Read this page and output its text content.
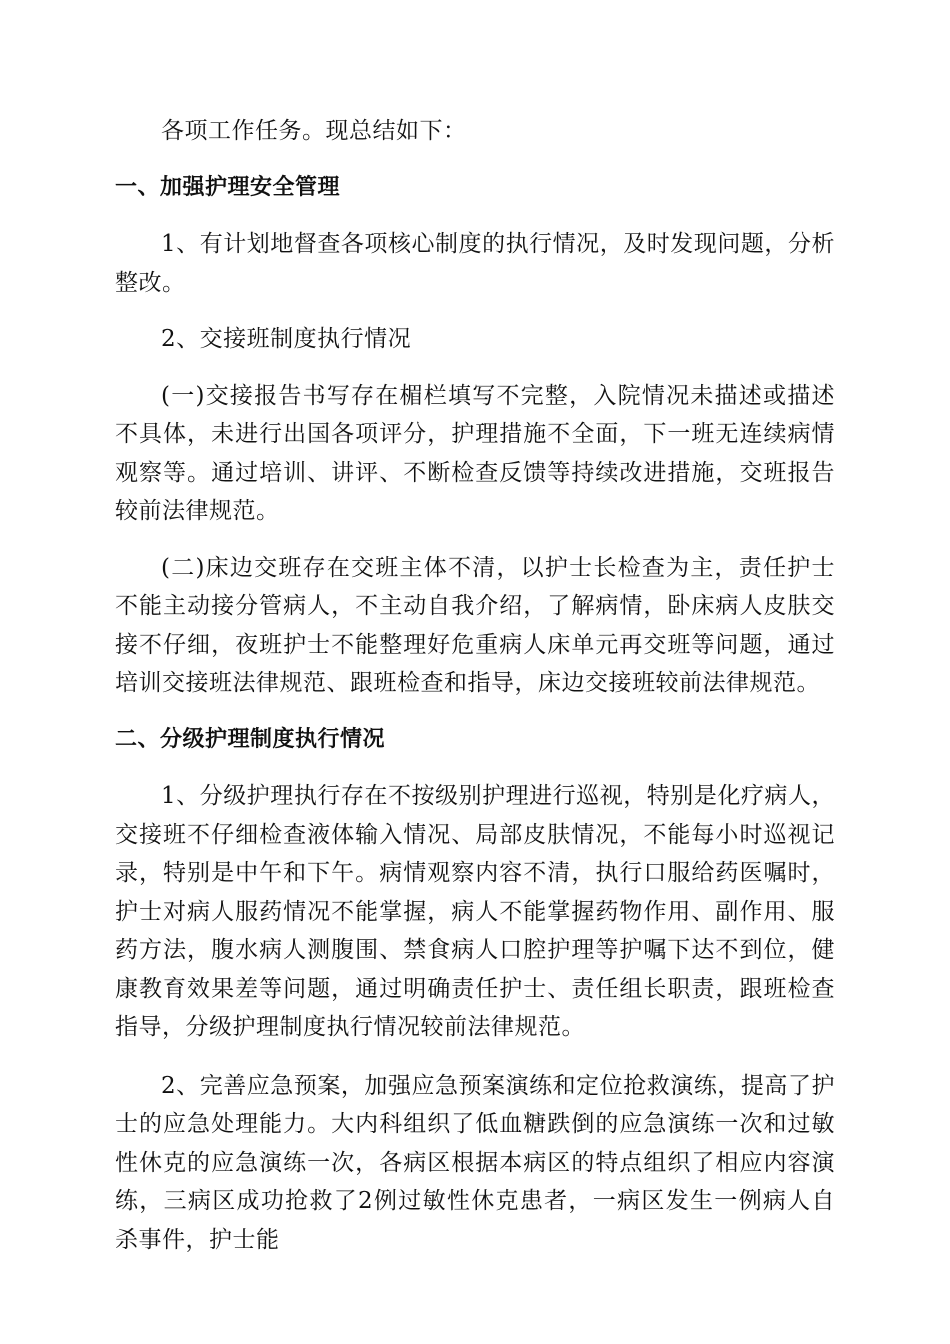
各项工作任务。现总结如下：

一、加强护理安全管理

1、有计划地督查各项核心制度的执行情况，及时发现问题，分析整改。

2、交接班制度执行情况

(一)交接报告书写存在楣栏填写不完整，入院情况未描述或描述不具体，未进行出国各项评分，护理措施不全面，下一班无连续病情观察等。通过培训、讲评、不断检查反馈等持续改进措施，交班报告较前法律规范。

(二)床边交班存在交班主体不清，以护士长检查为主，责任护士不能主动接分管病人，不主动自我介绍，了解病情，卧床病人皮肤交接不仔细，夜班护士不能整理好危重病人床单元再交班等问题，通过培训交接班法律规范、跟班检查和指导，床边交接班较前法律规范。

二、分级护理制度执行情况

1、分级护理执行存在不按级别护理进行巡视，特别是化疗病人，交接班不仔细检查液体输入情况、局部皮肤情况，不能每小时巡视记录，特别是中午和下午。病情观察内容不清，执行口服给药医嘱时，护士对病人服药情况不能掌握，病人不能掌握药物作用、副作用、服药方法，腹水病人测腹围、禁食病人口腔护理等护嘱下达不到位，健康教育效果差等问题，通过明确责任护士、责任组长职责，跟班检查指导，分级护理制度执行情况较前法律规范。

2、完善应急预案，加强应急预案演练和定位抢救演练，提高了护士的应急处理能力。大内科组织了低血糖跌倒的应急演练一次和过敏性休克的应急演练一次，各病区根据本病区的特点组织了相应内容演练，三病区成功抢救了2例过敏性休克患者，一病区发生一例病人自杀事件，护士能
